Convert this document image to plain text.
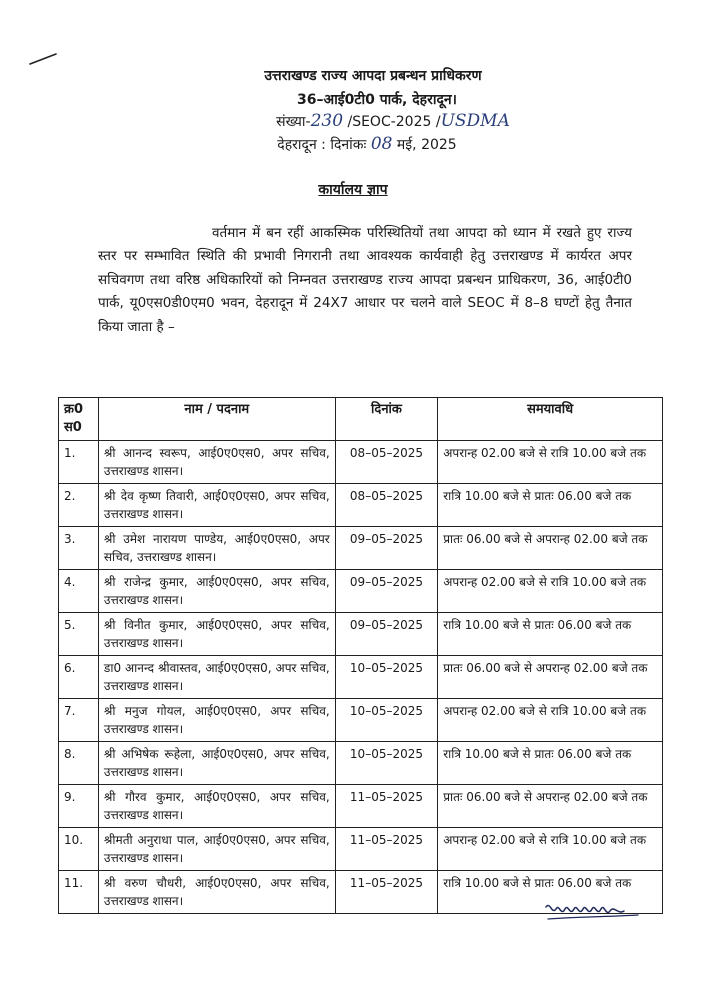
उत्तराखण्ड राज्य आपदा प्रबन्धन प्राधिकरण
36–आई0टी0 पार्क, देहरादून।
संख्या-230 /SEOC-2025 /USDMA
देहरादून : दिनांकः 08 मई, 2025
कार्यालय ज्ञाप
वर्तमान में बन रहीं आकस्मिक परिस्थितियों तथा आपदा को ध्यान में रखते हुए राज्य स्तर पर सम्भावित स्थिति की प्रभावी निगरानी तथा आवश्यक कार्यवाही हेतु उत्तराखण्ड में कार्यरत अपर सचिवगण तथा वरिष्ठ अधिकारियों को निम्नवत उत्तराखण्ड राज्य आपदा प्रबन्धन प्राधिकरण, 36, आई0टी0 पार्क, यू0एस0डी0एम0 भवन, देहरादून में 24X7 आधार पर चलने वाले SEOC में 8–8 घण्टों हेतु तैनात किया जाता है –
क्र0 स0	नाम / पदनाम	दिनांक	समयावधि
1.	श्री आनन्द स्वरूप, आई0ए0एस0, अपर सचिव, उत्तराखण्ड शासन।	08–05–2025	अपरान्ह 02.00 बजे से रात्रि 10.00 बजे तक
2.	श्री देव कृष्ण तिवारी, आई0ए0एस0, अपर सचिव, उत्तराखण्ड शासन।	08–05–2025	रात्रि 10.00 बजे से प्रातः 06.00 बजे तक
3.	श्री उमेश नारायण पाण्डेय, आई0ए0एस0, अपर सचिव, उत्तराखण्ड शासन।	09–05–2025	प्रातः 06.00 बजे से अपरान्ह 02.00 बजे तक
4.	श्री राजेन्द्र कुमार, आई0ए0एस0, अपर सचिव, उत्तराखण्ड शासन।	09–05–2025	अपरान्ह 02.00 बजे से रात्रि 10.00 बजे तक
5.	श्री विनीत कुमार, आई0ए0एस0, अपर सचिव, उत्तराखण्ड शासन।	09–05–2025	रात्रि 10.00 बजे से प्रातः 06.00 बजे तक
6.	डा0 आनन्द श्रीवास्तव, आई0ए0एस0, अपर सचिव, उत्तराखण्ड शासन।	10–05–2025	प्रातः 06.00 बजे से अपरान्ह 02.00 बजे तक
7.	श्री मनुज गोयल, आई0ए0एस0, अपर सचिव, उत्तराखण्ड शासन।	10–05–2025	अपरान्ह 02.00 बजे से रात्रि 10.00 बजे तक
8.	श्री अभिषेक रूहेला, आई0ए0एस0, अपर सचिव, उत्तराखण्ड शासन।	10–05–2025	रात्रि 10.00 बजे से प्रातः 06.00 बजे तक
9.	श्री गौरव कुमार, आई0ए0एस0, अपर सचिव, उत्तराखण्ड शासन।	11–05–2025	प्रातः 06.00 बजे से अपरान्ह 02.00 बजे तक
10.	श्रीमती अनुराधा पाल, आई0ए0एस0, अपर सचिव, उत्तराखण्ड शासन।	11–05–2025	अपरान्ह 02.00 बजे से रात्रि 10.00 बजे तक
11.	श्री वरुण चौधरी, आई0ए0एस0, अपर सचिव, उत्तराखण्ड शासन।	11–05–2025	रात्रि 10.00 बजे से प्रातः 06.00 बजे तक
